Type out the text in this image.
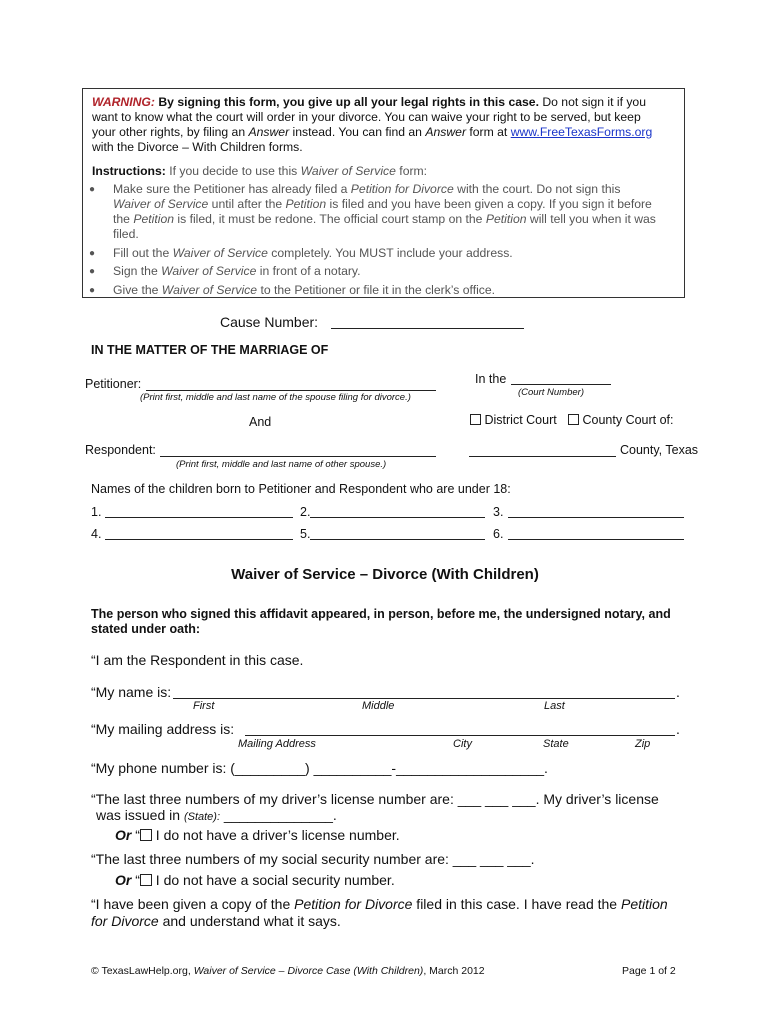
WARNING: By signing this form, you give up all your legal rights in this case. Do not sign it if you
want to know what the court will order in your divorce. You can waive your right to be served, but keep
your other rights, by filing an Answer instead. You can find an Answer form at www.FreeTexasForms.org
with the Divorce – With Children forms.
Instructions: If you decide to use this Waiver of Service form:
● Make sure the Petitioner has already filed a Petition for Divorce with the court. Do not sign this
Waiver of Service until after the Petition is filed and you have been given a copy. If you sign it before
the Petition is filed, it must be redone. The official court stamp on the Petition will tell you when it was
filed.
● Fill out the Waiver of Service completely. You MUST include your address.
● Sign the Waiver of Service in front of a notary.
● Give the Waiver of Service to the Petitioner or file it in the clerk’s office.
Cause Number:
IN THE MATTER OF THE MARRIAGE OF
Petitioner:
(Print first, middle and last name of the spouse filing for divorce.)
In the
(Court Number)
And	District Court	County Court of:
Respondent:
(Print first, middle and last name of other spouse.)
County, Texas
Names of the children born to Petitioner and Respondent who are under 18:
1.	2.	3.
4.	5.	6.
Waiver of Service – Divorce (With Children)
The person who signed this affidavit appeared, in person, before me, the undersigned notary, and
stated under oath:
“I am the Respondent in this case.
“My name is:	.
First	Middle	Last
“My mailing address is:	.
Mailing Address	City	State	Zip
“My phone number is: (_________) __________-___________________.
“The last three numbers of my driver’s license number are: ___ ___ ___. My driver’s license
was issued in (State): ______________.
Or “ I do not have a driver’s license number.
“The last three numbers of my social security number are: ___ ___ ___.
Or “ I do not have a social security number.
“I have been given a copy of the Petition for Divorce filed in this case. I have read the Petition
for Divorce and understand what it says.
© TexasLawHelp.org, Waiver of Service – Divorce Case (With Children), March 2012	Page 1 of 2
